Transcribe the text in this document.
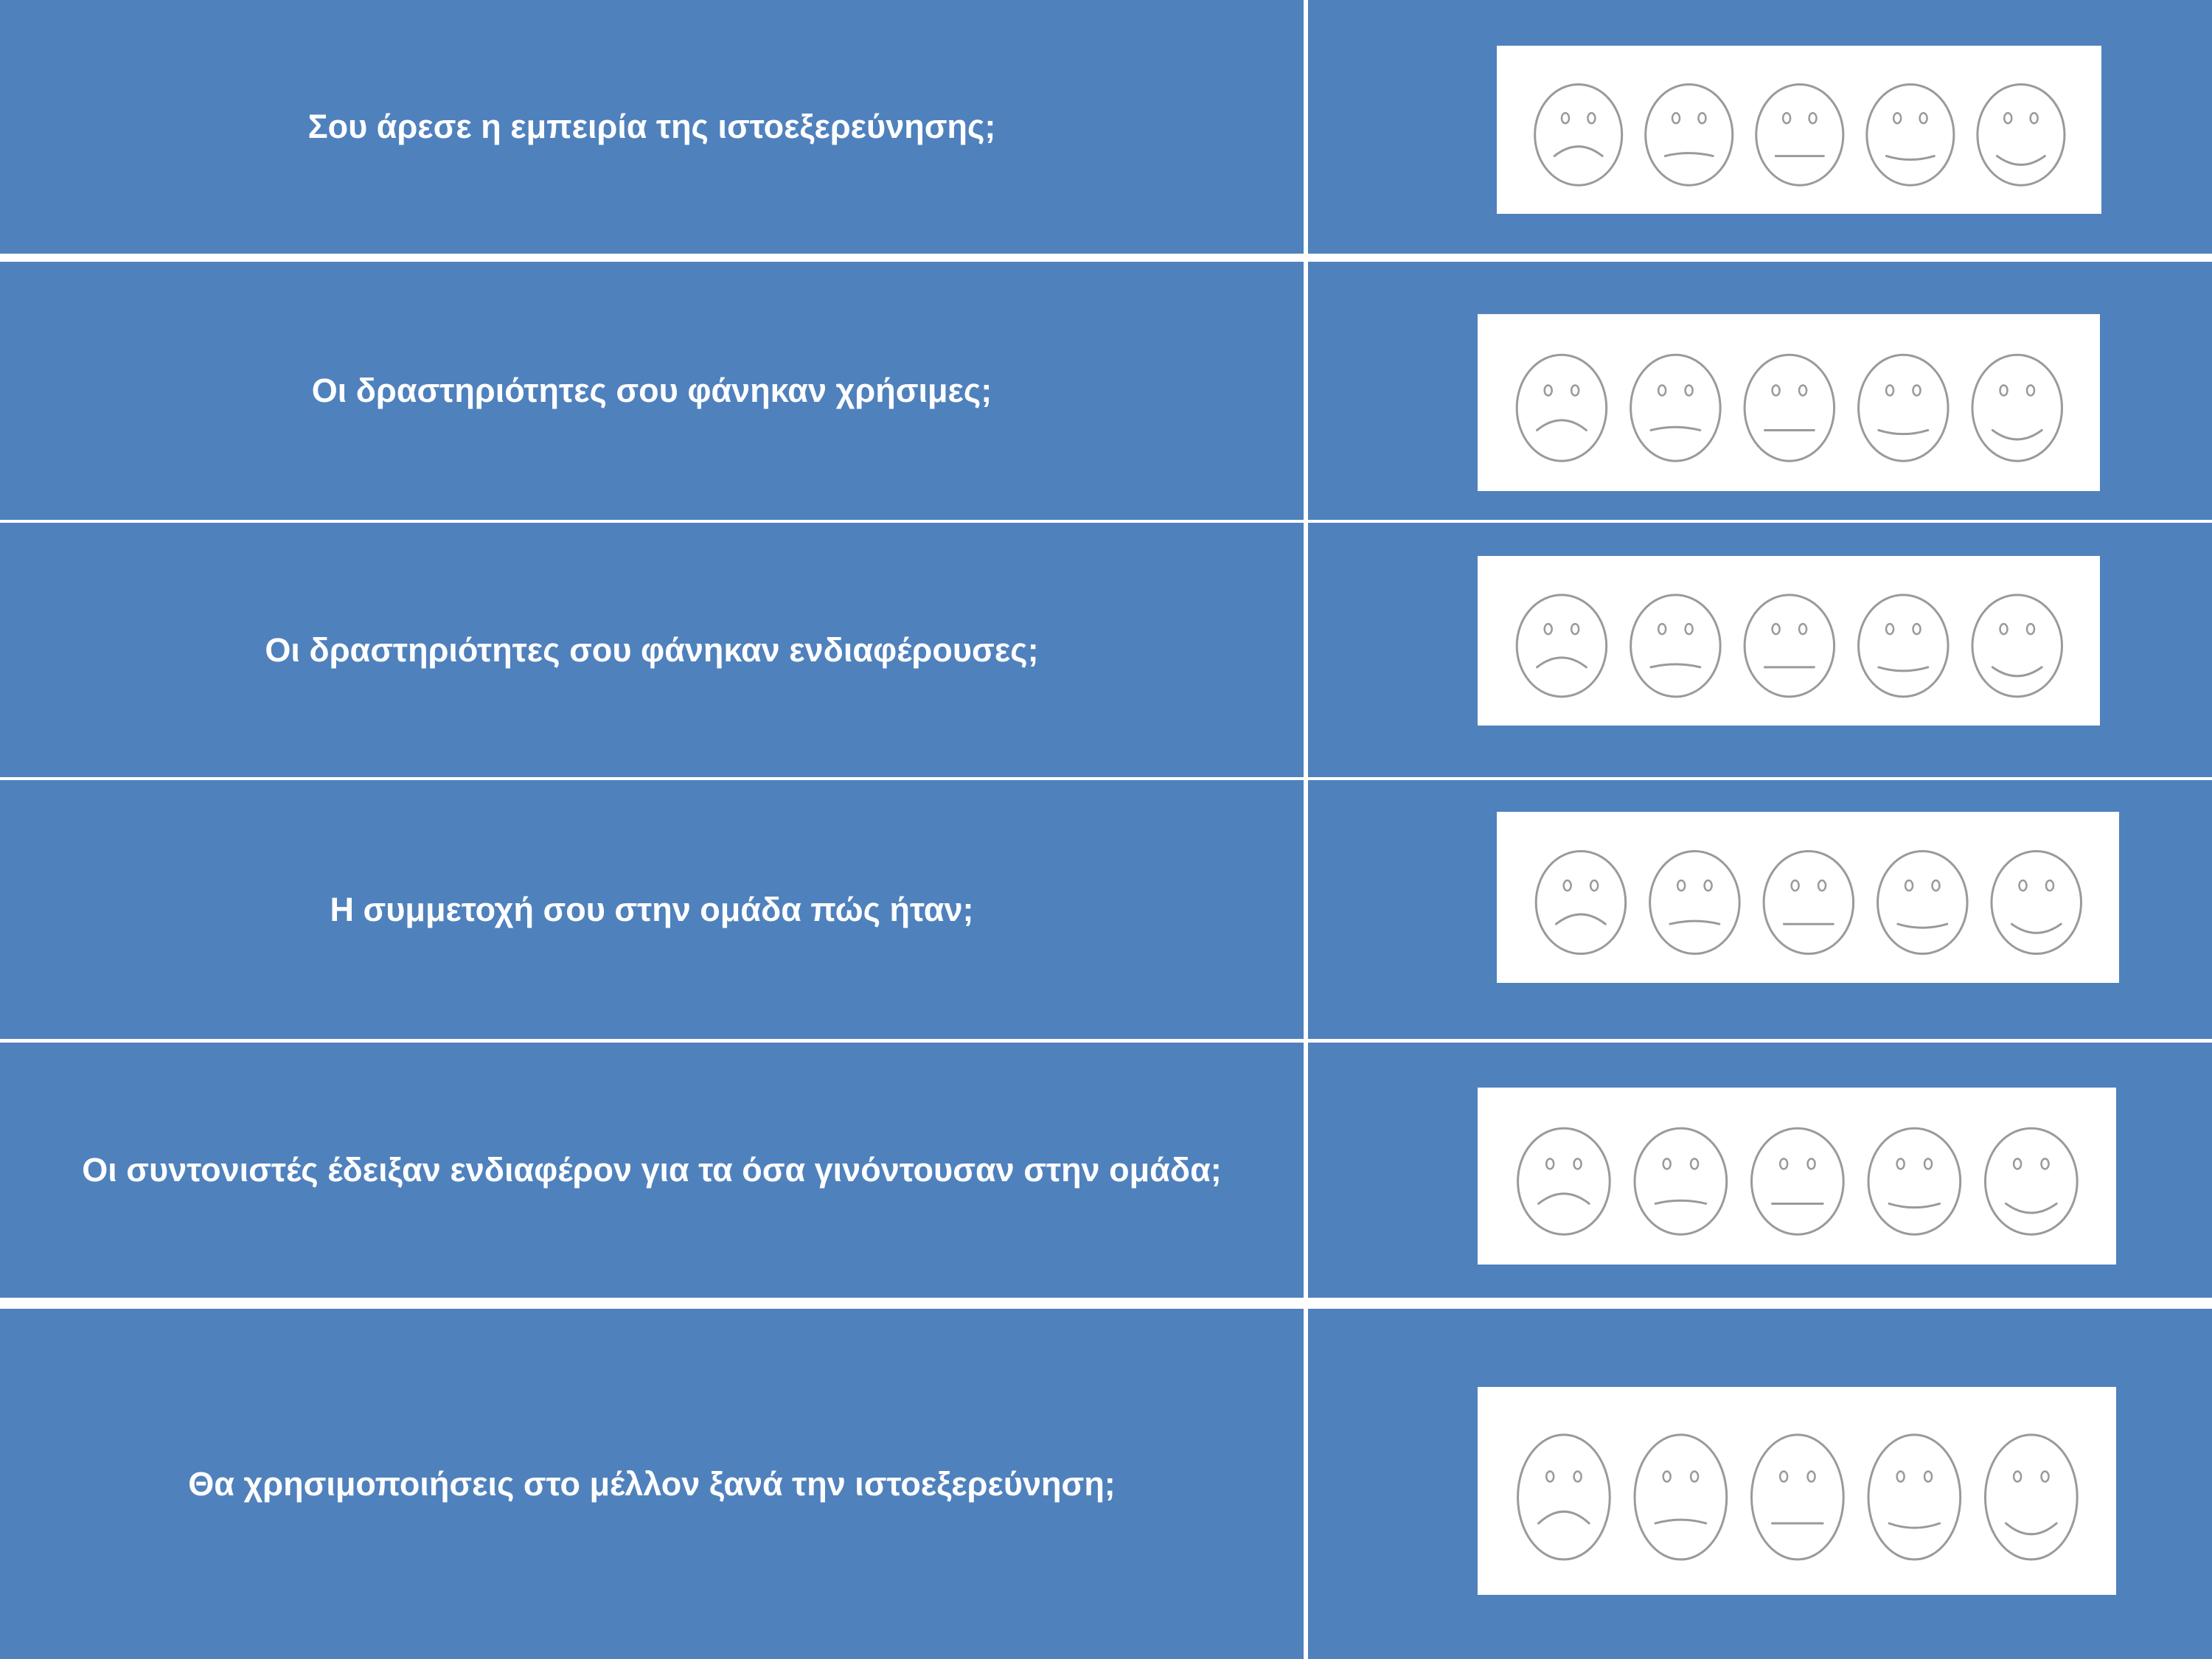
Σου άρεσε η εμπειρία της ιστοεξερεύνησης;
Οι δραστηριότητες σου φάνηκαν χρήσιμες;
Οι δραστηριότητες σου φάνηκαν ενδιαφέρουσες;
Η συμμετοχή σου στην ομάδα πώς ήταν;
Οι συντονιστές έδειξαν ενδιαφέρον για τα όσα γινόντουσαν στην ομάδα;
Θα χρησιμοποιήσεις στο μέλλον ξανά την ιστοεξερεύνηση;
